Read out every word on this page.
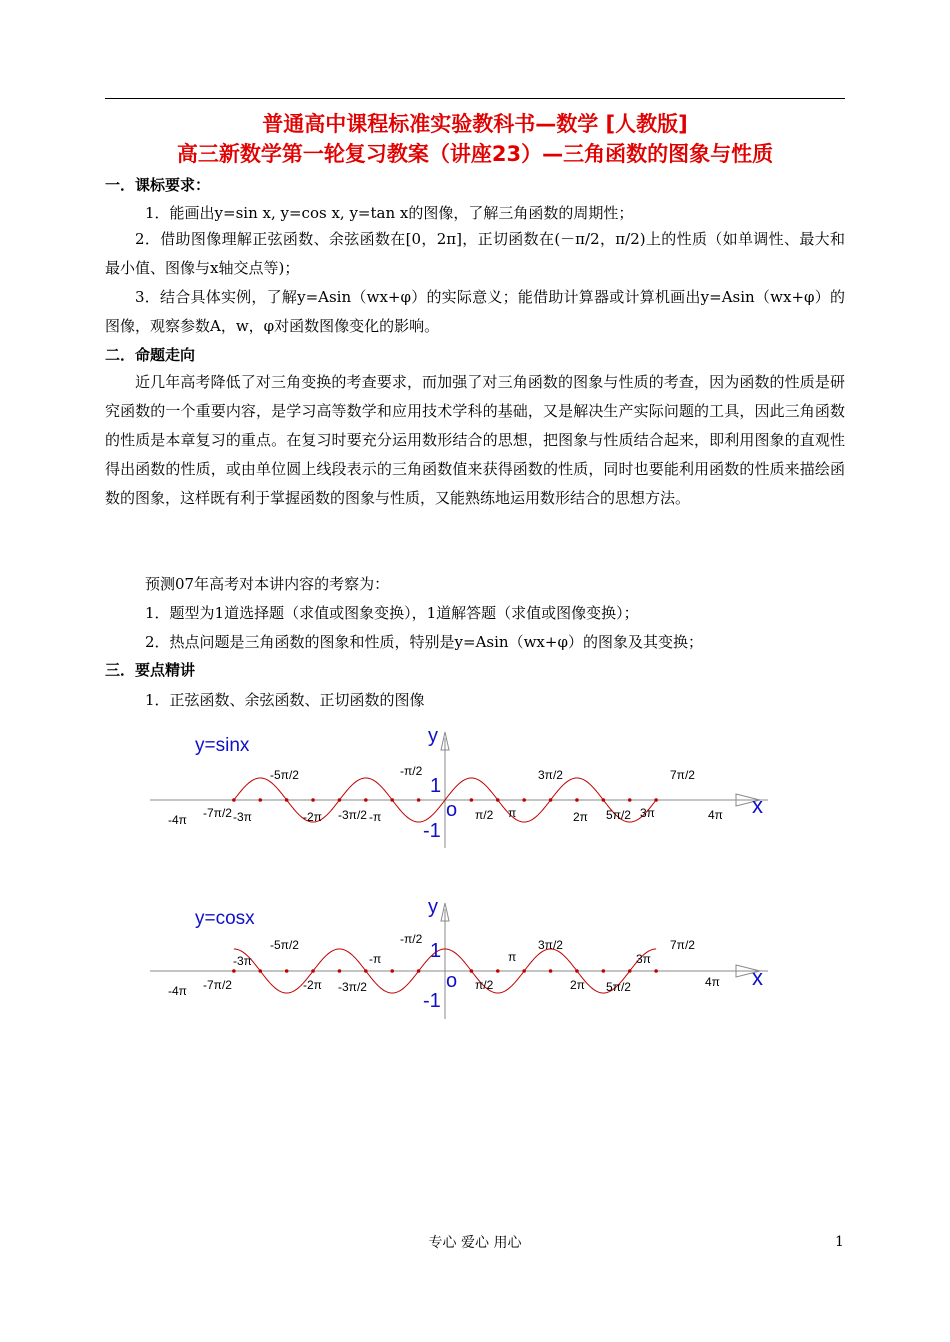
普通高中课程标准实验教科书—数学 [人教版]
高三新数学第一轮复习教案（讲座23）—三角函数的图象与性质
一．课标要求：
1．能画出y=sin x, y=cos x, y=tan x的图像，了解三角函数的周期性；
2．借助图像理解正弦函数、余弦函数在[0，2π]，正切函数在(－π/2，π/2)上的性质（如单调性、最大和最小值、图像与x轴交点等)；
3．结合具体实例，了解y=Asin（wx+φ）的实际意义；能借助计算器或计算机画出y=Asin（wx+φ）的图像，观察参数A，w，φ对函数图像变化的影响。
二．命题走向
近几年高考降低了对三角变换的考查要求，而加强了对三角函数的图象与性质的考查，因为函数的性质是研究函数的一个重要内容，是学习高等数学和应用技术学科的基础，又是解决生产实际问题的工具，因此三角函数的性质是本章复习的重点。在复习时要充分运用数形结合的思想，把图象与性质结合起来，即利用图象的直观性得出函数的性质，或由单位圆上线段表示的三角函数值来获得函数的性质，同时也要能利用函数的性质来描绘函数的图象，这样既有利于掌握函数的图象与性质，又能熟练地运用数形结合的思想方法。
预测07年高考对本讲内容的考察为：
1．题型为1道选择题（求值或图象变换），1道解答题（求值或图像变换）；
2．热点问题是三角函数的图象和性质，特别是y=Asin（wx+φ）的图象及其变换；
三．要点精讲
1．正弦函数、余弦函数、正切函数的图像
y=sinx	y
x
o
1
-1
-4π -7π/2 -3π
-5π/2
-2π -3π/2 -π
-π/2
π/2 π
3π/2
2π 5π/2 3π
7π/2
4π
y=cosx
y
x
o
1
-1
-4π -7π/2
-3π
-5π/2
-2π -3π/2
-π
-π/2
π/2
π
3π/2
2π 5π/2
3π
7π/2
4π
专心 爱心 用心	1
